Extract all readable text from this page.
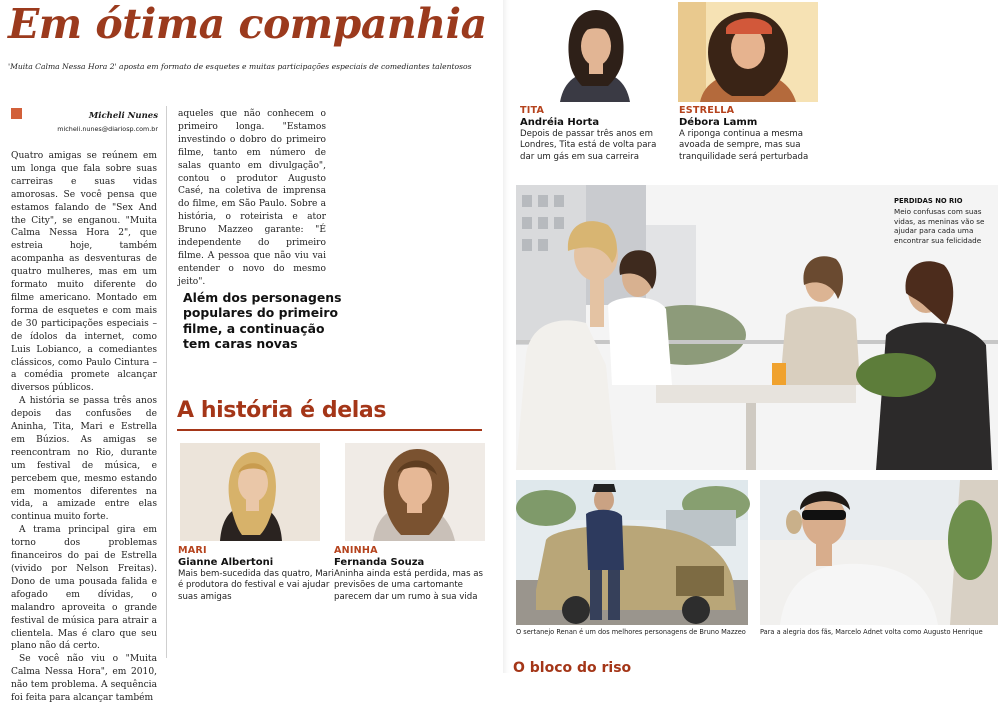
Em ótima companhia
'Muita Calma Nessa Hora 2' aposta em formato de esquetes e muitas participações especiais de comediantes talentosos
Micheli Nunes
micheli.nunes@diariosp.com.br

Quatro amigas se reúnem em um longa que fala sobre suas carreiras e suas vidas amorosas. Se você pensa que estamos falando de "Sex And the City", se enganou. "Muita Calma Nessa Hora 2", que estreia hoje, também acompanha as desventuras de quatro mulheres, mas em um formato muito diferente do filme americano. Montado em forma de esquetes e com mais de 30 participações especiais – de ídolos da internet, como Luis Lobianco, a comediantes clássicos, como Paulo Cintura – a comédia promete alcançar diversos públicos.

A história se passa três anos depois das confusões de Aninha, Tita, Mari e Estrella em Búzios. As amigas se reencontram no Rio, durante um festival de música, e percebem que, mesmo estando em momentos diferentes na vida, a amizade entre elas continua muito forte.

A trama principal gira em torno dos problemas financeiros do pai de Estrella (vivido por Nelson Freitas). Dono de uma pousada falida e afogado em dívidas, o malandro aproveita o grande festival de música para atrair a clientela. Mas é claro que seu plano não dá certo.

Se você não viu o "Muita Calma Nessa Hora", em 2010, não tem problema. A sequência foi feita para alcançar também

aqueles que não conhecem o primeiro longa. "Estamos investindo o dobro do primeiro filme, tanto em número de salas quanto em divulgação", contou o produtor Augusto Casé, na coletiva de imprensa do filme, em São Paulo. Sobre a história, o roteirista e ator Bruno Mazzeo garante: "É independente do primeiro filme. A pessoa que não viu vai entender o novo do mesmo jeito".

Além dos personagens populares do primeiro filme, a continuação tem caras novas
A história é delas
MARI
Gianne Albertoni
Mais bem-sucedida das quatro, Mari é produtora do festival e vai ajudar suas amigas
ANINHA
Fernanda Souza
Aninha ainda está perdida, mas as previsões de uma cartomante parecem dar um rumo à sua vida
TITA
Andréia Horta
Depois de passar três anos em Londres, Tita está de volta para dar um gás em sua carreira
ESTRELLA
Débora Lamm
A riponga continua a mesma avoada de sempre, mas sua tranquilidade será perturbada
PERDIDAS NO RIO
Meio confusas com suas vidas, as meninas vão se ajudar para cada uma encontrar sua felicidade
O sertanejo Renan é um dos melhores personagens de Bruno Mazzeo Para a alegria dos fãs, Marcelo Adnet volta como Augusto Henrique
O bloco do riso
